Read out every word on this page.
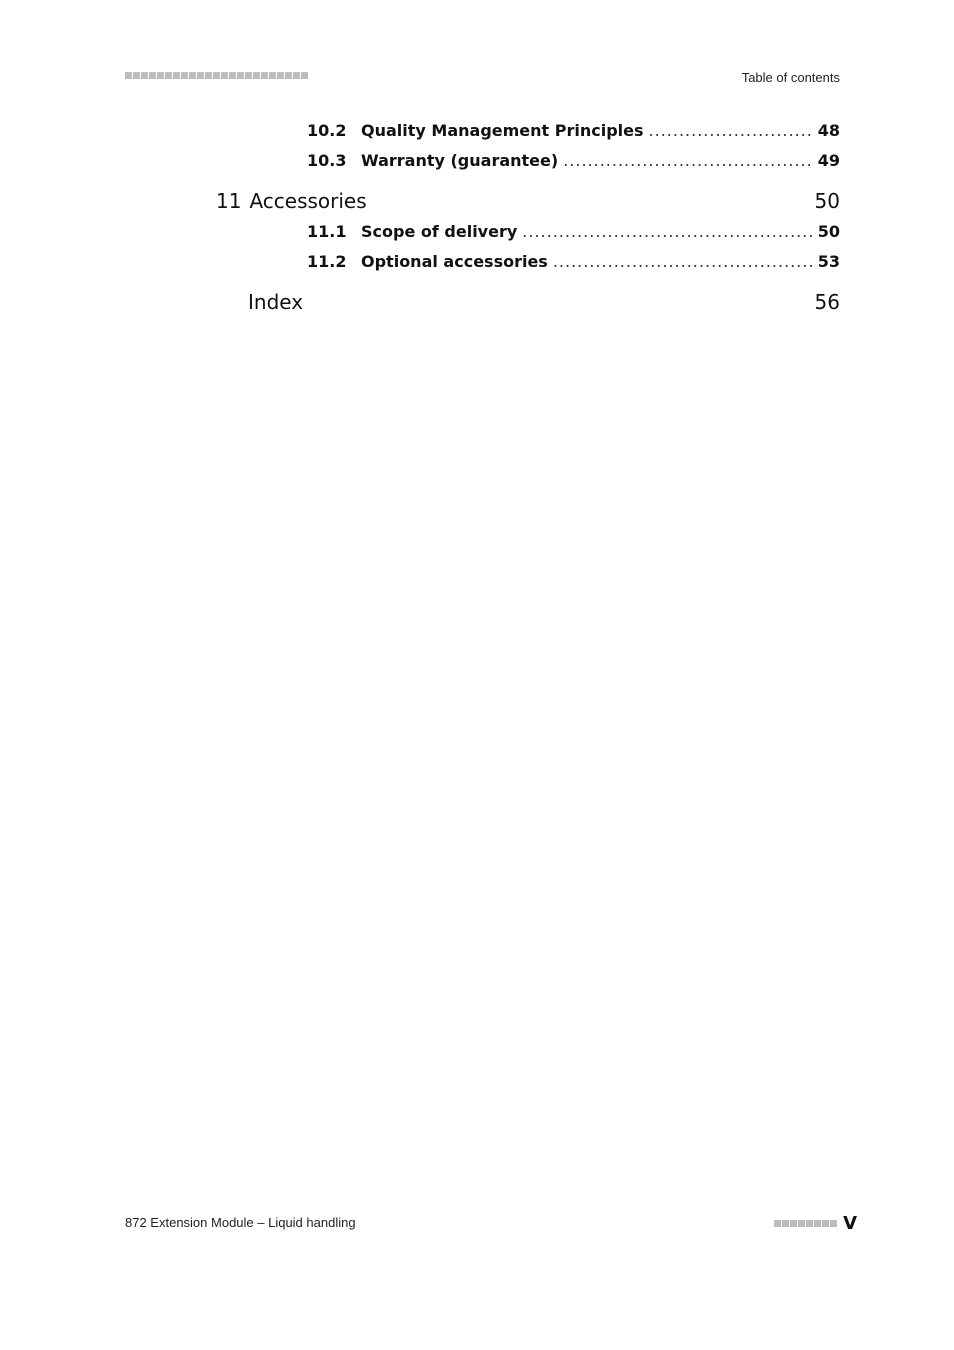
Table of contents
10.2 Quality Management Principles .....	48
10.3 Warranty (guarantee) .....	49
11 Accessories	50
11.1 Scope of delivery .....	50
11.2 Optional accessories .....	53
Index	56
872 Extension Module – Liquid handling	V
